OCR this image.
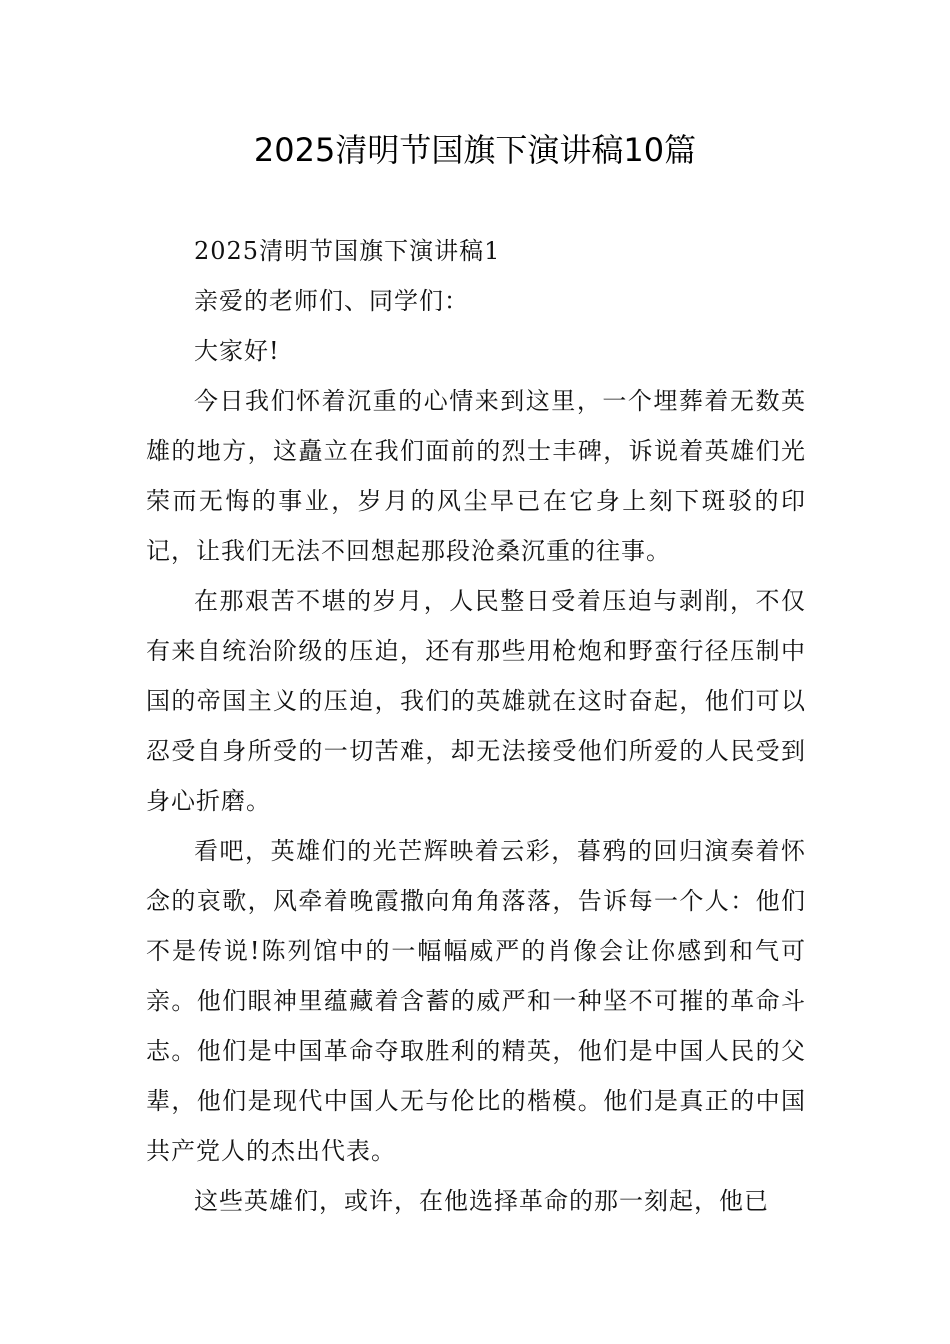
2025清明节国旗下演讲稿10篇

2025清明节国旗下演讲稿1

亲爱的老师们、同学们：

大家好!

今日我们怀着沉重的心情来到这里，一个埋葬着无数英雄的地方，这矗立在我们面前的烈士丰碑，诉说着英雄们光荣而无悔的事业，岁月的风尘早已在它身上刻下斑驳的印记，让我们无法不回想起那段沧桑沉重的往事。

在那艰苦不堪的岁月，人民整日受着压迫与剥削，不仅有来自统治阶级的压迫，还有那些用枪炮和野蛮行径压制中国的帝国主义的压迫，我们的英雄就在这时奋起，他们可以忍受自身所受的一切苦难，却无法接受他们所爱的人民受到身心折磨。

看吧，英雄们的光芒辉映着云彩，暮鸦的回归演奏着怀念的哀歌，风牵着晚霞撒向角角落落，告诉每一个人：他们不是传说!陈列馆中的一幅幅威严的肖像会让你感到和气可亲。他们眼神里蕴藏着含蓄的威严和一种坚不可摧的革命斗志。他们是中国革命夺取胜利的精英，他们是中国人民的父辈，他们是现代中国人无与伦比的楷模。他们是真正的中国共产党人的杰出代表。

这些英雄们，或许，在他选择革命的那一刻起，他已
